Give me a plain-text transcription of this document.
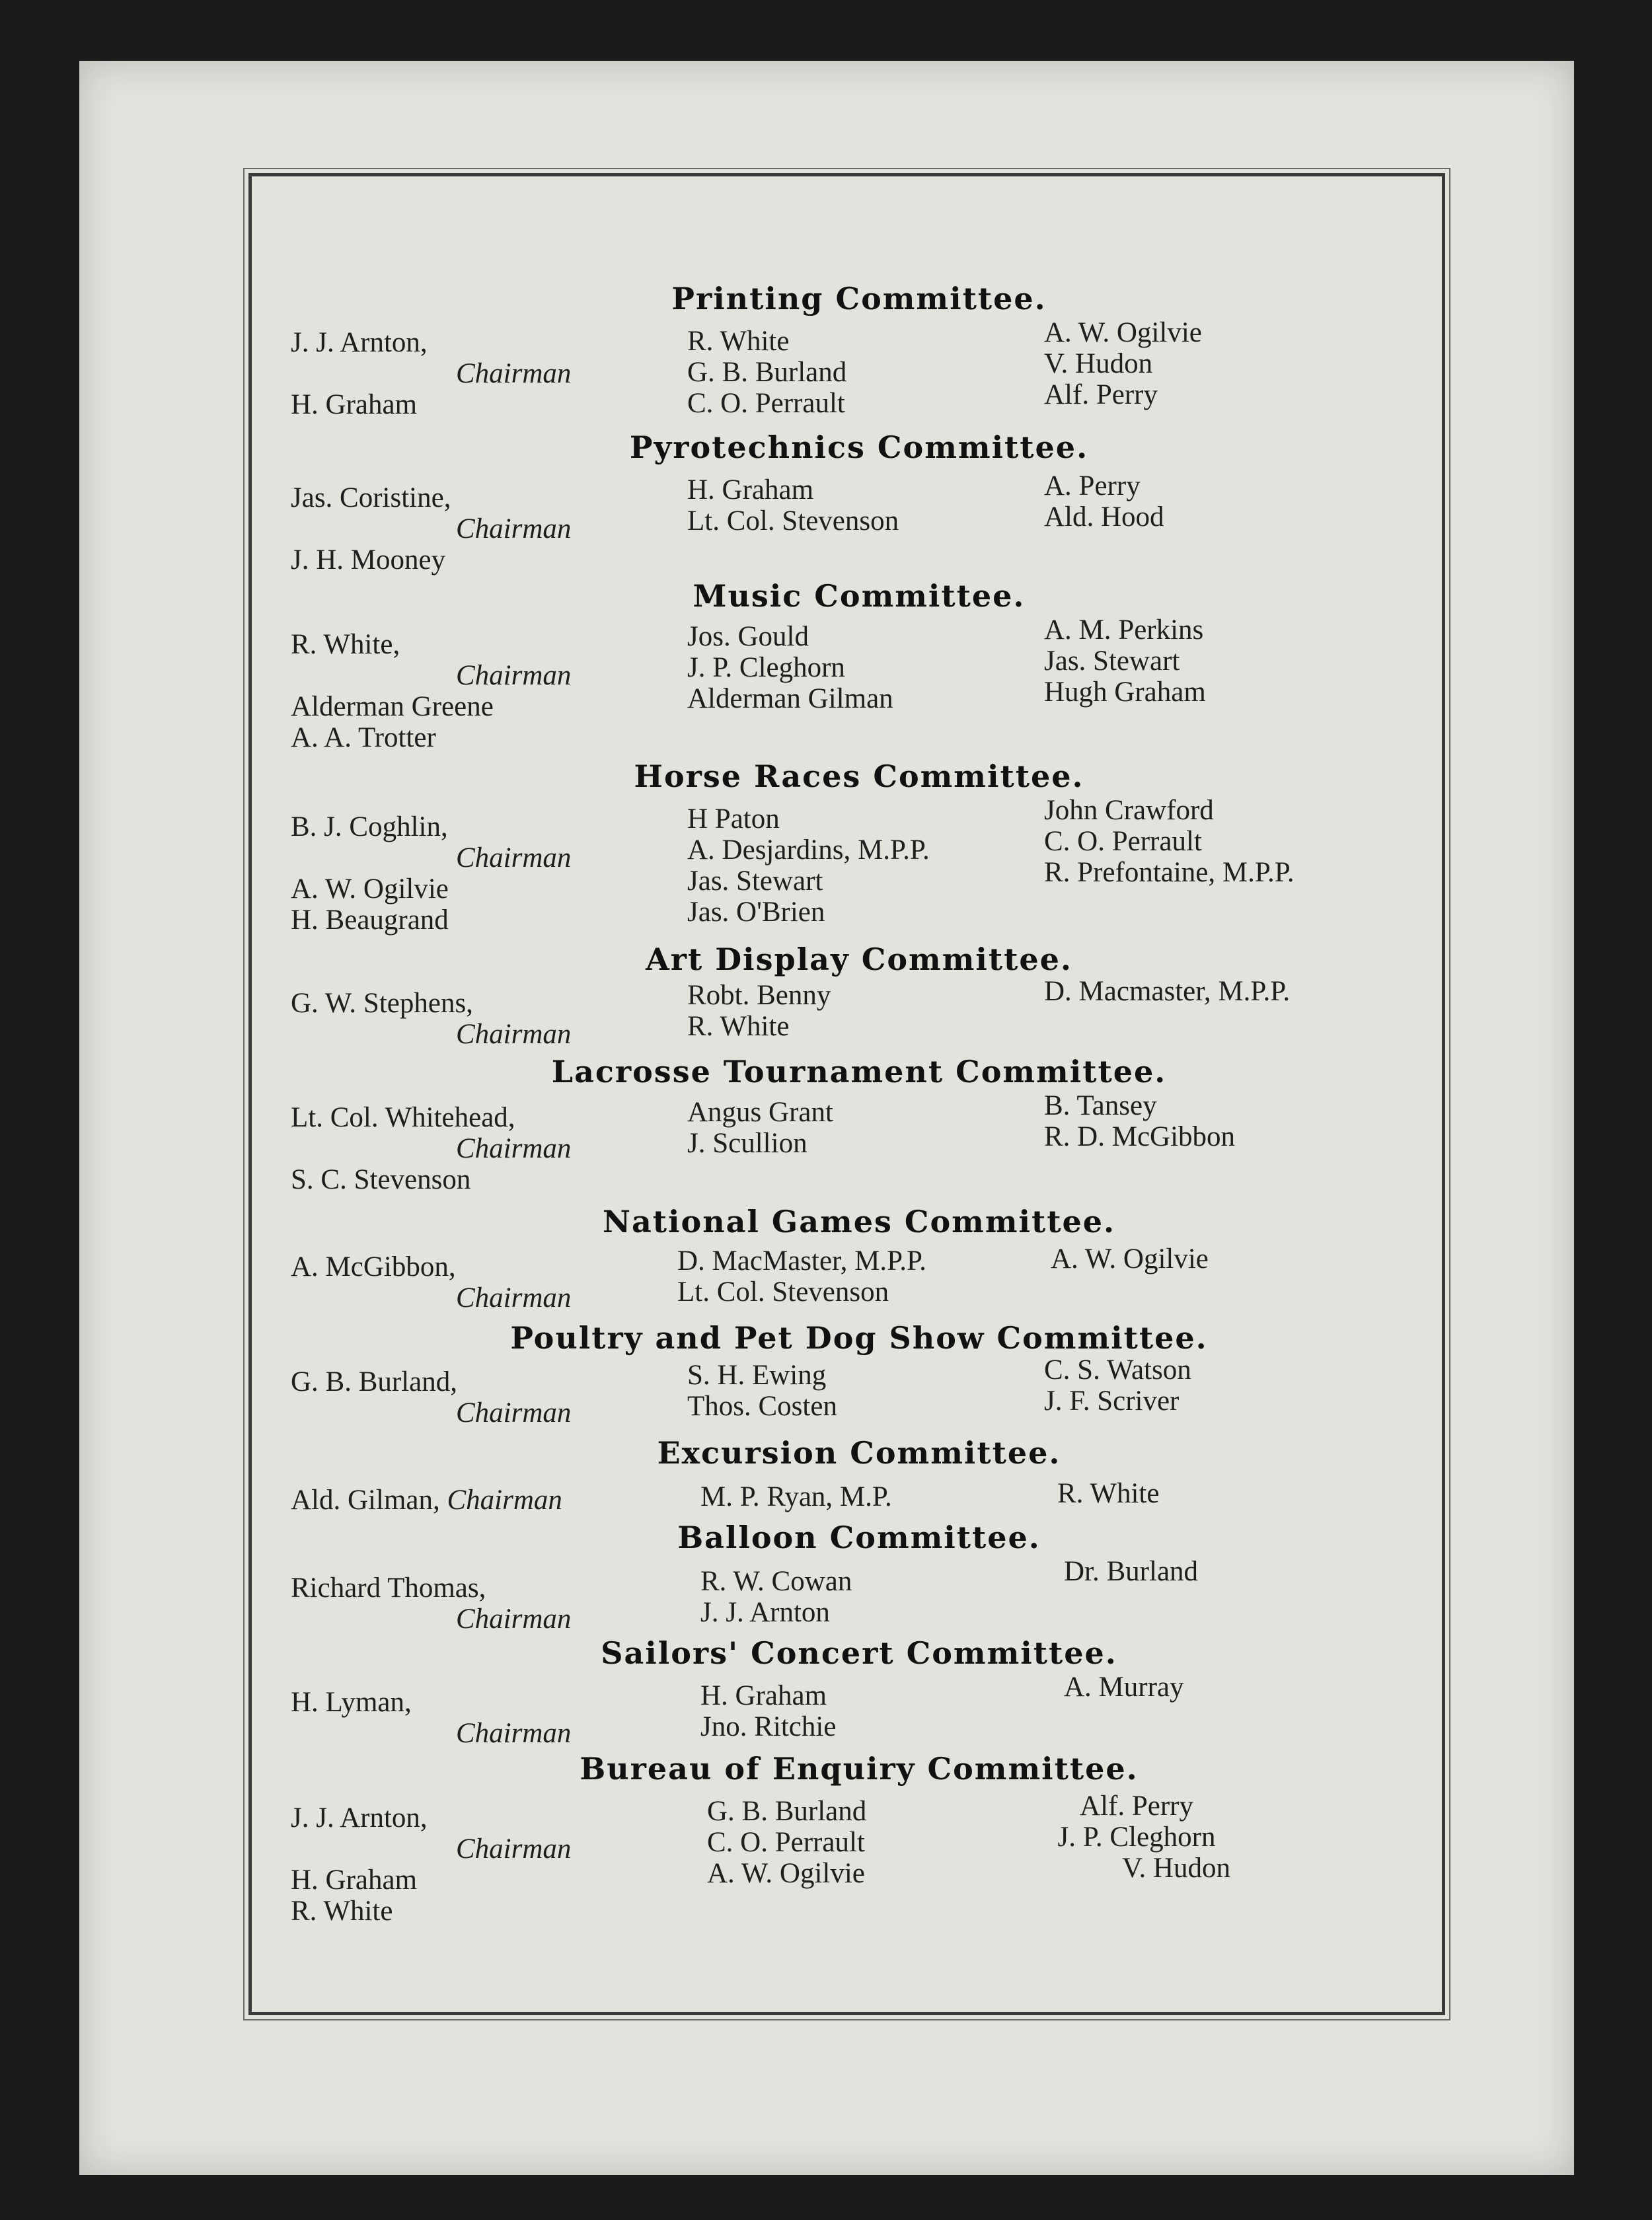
Printing Committee.
J. J. Arnton,
Chairman
H. Graham
R. White
G. B. Burland
C. O. Perrault
A. W. Ogilvie
V. Hudon
Alf. Perry
Pyrotechnics Committee.
Jas. Coristine,
Chairman
J. H. Mooney
H. Graham
Lt. Col. Stevenson
A. Perry
Ald. Hood
Music Committee.
R. White,
Chairman
Alderman Greene
A. A. Trotter
Jos. Gould
J. P. Cleghorn
Alderman Gilman
A. M. Perkins
Jas. Stewart
Hugh Graham
Horse Races Committee.
B. J. Coghlin,
Chairman
A. W. Ogilvie
H. Beaugrand
H Paton
A. Desjardins, M.P.P.
Jas. Stewart
Jas. O'Brien
John Crawford
C. O. Perrault
R. Prefontaine, M.P.P.
Art Display Committee.
G. W. Stephens,
Chairman
Robt. Benny
R. White
D. Macmaster, M.P.P.
Lacrosse Tournament Committee.
Lt. Col. Whitehead,
Chairman
S. C. Stevenson
Angus Grant
J. Scullion
B. Tansey
R. D. McGibbon
National Games Committee.
A. McGibbon,
Chairman
D. MacMaster, M.P.P.
Lt. Col. Stevenson
A. W. Ogilvie
Poultry and Pet Dog Show Committee.
G. B. Burland,
Chairman
S. H. Ewing
Thos. Costen
C. S. Watson
J. F. Scriver
Excursion Committee.
Ald. Gilman, Chairman	M. P. Ryan, M.P.	R. White
Balloon Committee.
Richard Thomas,
Chairman
R. W. Cowan
J. J. Arnton
Dr. Burland
Sailors' Concert Committee.
H. Lyman,
Chairman
H. Graham
Jno. Ritchie
A. Murray
Bureau of Enquiry Committee.
J. J. Arnton,
Chairman
H. Graham
R. White
G. B. Burland
C. O. Perrault
A. W. Ogilvie
Alf. Perry
J. P. Cleghorn
V. Hudon
